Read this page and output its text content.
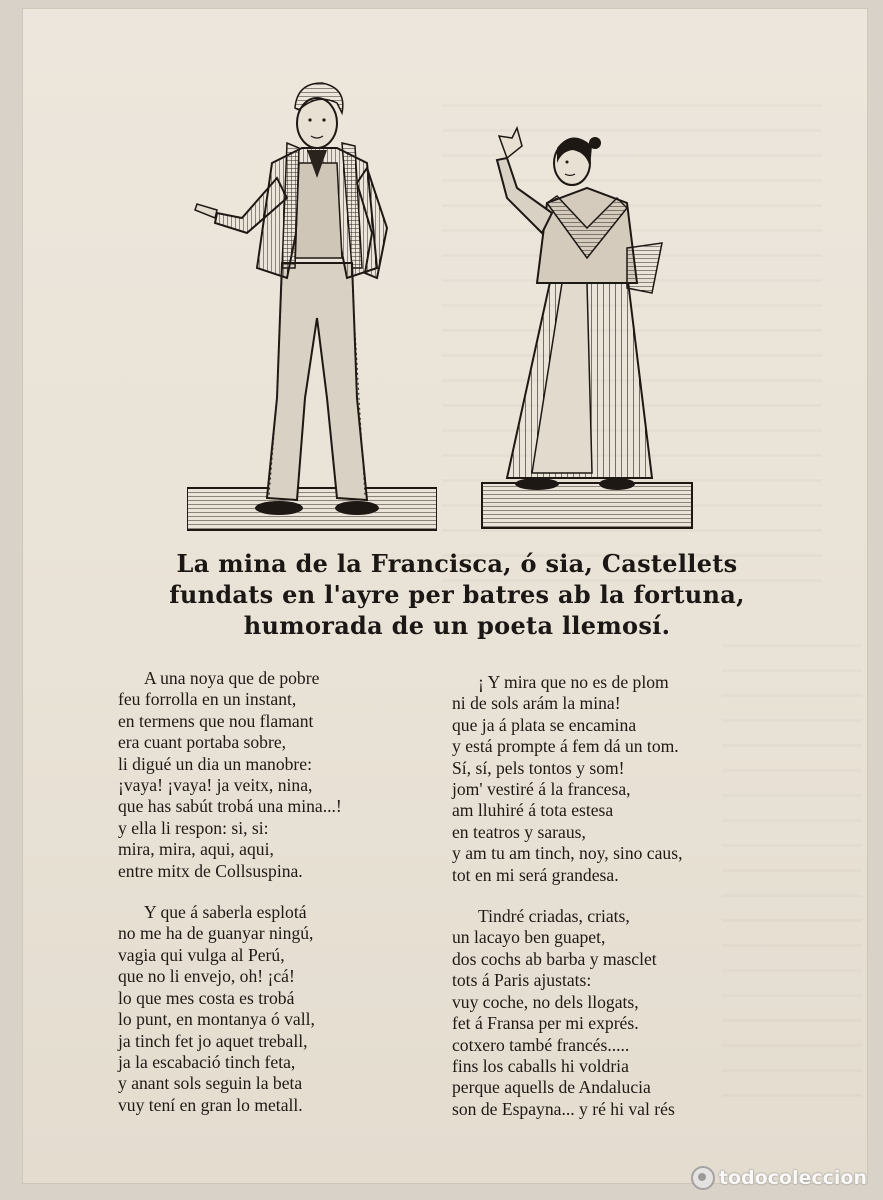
La mina de la Francisca, ó sia, Castellets fundats en l'ayre per batres ab la fortuna, humorada de un poeta llemosí.
A una noya que de pobre
feu forrolla en un instant,
en termens que nou flamant
era cuant portaba sobre,
li digué un dia un manobre:
¡vaya! ¡vaya! ja veitx, nina,
que has sabút trobá una mina...!
y ella li respon: si, si:
mira, mira, aqui, aqui,
entre mitx de Collsuspina.
Y que á saberla esplotá
no me ha de guanyar ningú,
vagia qui vulga al Perú,
que no li envejo, oh! ¡cá!
lo que mes costa es trobá
lo punt, en montanya ó vall,
ja tinch fet jo aquet treball,
ja la escabació tinch feta,
y anant sols seguin la beta
vuy tení en gran lo metall.
¡ Y mira que no es de plom
ni de sols arám la mina!
que ja á plata se encamina
y está prompte á fem dá un tom.
Sí, sí, pels tontos y som!
jom' vestiré á la francesa,
am lluhiré á tota estesa
en teatros y saraus,
y am tu am tinch, noy, sino caus,
tot en mi será grandesa.
Tindré criadas, criats,
un lacayo ben guapet,
dos cochs ab barba y masclet
tots á Paris ajustats:
vuy coche, no dels llogats,
fet á Fransa per mi exprés.
cotxero també francés.....
fins los caballs hi voldria
perque aquells de Andalucia
son de Espayna... y ré hi val rés
todocoleccion
